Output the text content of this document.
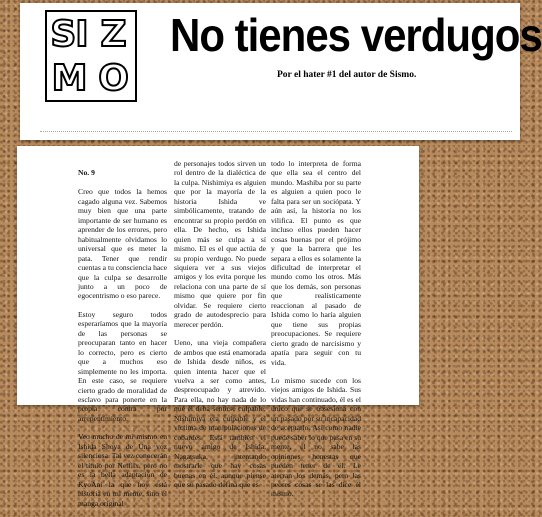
SI Z
M O
No tienes verdugos
Por el hater #1 del autor de Sismo.

No. 9

Creo que todos la hemos cagado alguna vez. Sabemos muy bien que una parte importante de ser humano es aprender de los errores, pero habitualmente olvidamos lo universal que es meter la pata. Tener que rendir cuentas a tu consciencia hace que la culpa se desarrolle junto a un poco de egocentrismo o eso parece.

Estoy seguro todos esperaríamos que la mayoría de las personas se preocuparan tanto en hacer lo correcto, pero es cierto que a muchos eso simplemente no les importa. En este caso, se requiere cierto grado de moralidad de esclavo para ponerte en la propia contra por arrepentimiento.

Veo mucho de mí mismo en Ishida Shoya de Una voz silenciosa. Tal vez conocerán el título por Netflix, pero no es la bella adaptación de KyoAni la que hoy está historia en mi mente, sino el manga original

de personajes todos sirven un rol dentro de la dialéctica de la culpa. Nishimiya es alguien que por la mayoría de la historia Ishida ve simbólicamente, tratando de encontrar su propio perdón en ella. De hecho, es Ishida quien más se culpa a sí mismo. El es el que actúa de su propio verdugo. No puede siquiera ver a sus viejos amigos y los evita porque les relaciona con una parte de sí mismo que quiere por fin olvidar. Se requiere cierto grado de autodesprecio para merecer perdón.

Ueno, una vieja compañera de ambos que está enamorada de Ishida desde niños, es quien intenta hacer que el vuelva a ser como antes, despreocupado y atrevido. Para ella, no hay nada de lo qué él deba sentirse culpable: Nishimiya era culpable y el víctima de manipulaciones de cobardes. Está también el nuevo amigo de Ishida, Nagatsuka, intentando mostrarle que hay cosas buenas en él, aunque piense que su pasado defina que es

todo lo interpreta de forma que ella sea el centro del mundo. Mashiba por su parte es alguien a quien poco le falta para ser un sociópata. Y aún así, la historia no los vilifica. El punto es que incluso ellos pueden hacer cosas buenas por el prójimo y que la barrera que les separa a ellos es solamente la dificultad de interpretar el mundo como los otros. Más que los demás, son personas que realísticamente reaccionan al pasado de Ishida como lo haría alguien que tiene sus propias preocupaciones. Se requiere cierto grado de narcisismo y apatía para seguir con tu vida.

Lo mismo sucede con los viejos amigos de Ishida. Sus vidas han continuado, él es el único que se obsesiona con un pasado por su incapacidad de aceptarlo. Así como nadie puede saber lo que pasa en su mente, él no sabe las opiniones honestas que pueden tener de él. Le aterran los demás, pero las peores cosas se las dice él mismo.
